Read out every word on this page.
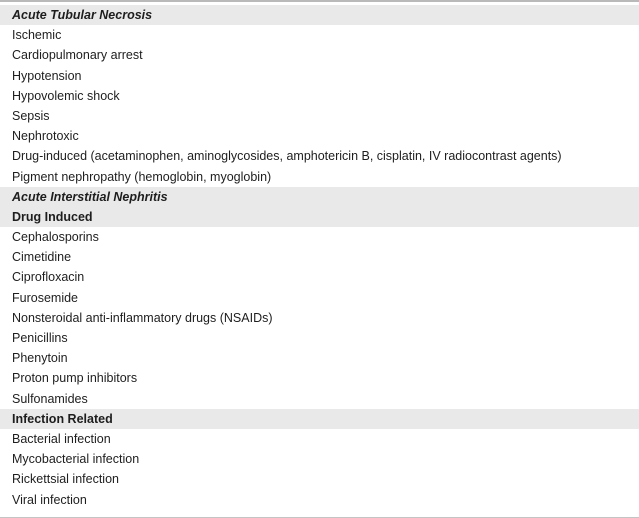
Acute Tubular Necrosis
Ischemic
Cardiopulmonary arrest
Hypotension
Hypovolemic shock
Sepsis
Nephrotoxic
Drug-induced (acetaminophen, aminoglycosides, amphotericin B, cisplatin, IV radiocontrast agents)
Pigment nephropathy (hemoglobin, myoglobin)
Acute Interstitial Nephritis
Drug Induced
Cephalosporins
Cimetidine
Ciprofloxacin
Furosemide
Nonsteroidal anti-inflammatory drugs (NSAIDs)
Penicillins
Phenytoin
Proton pump inhibitors
Sulfonamides
Infection Related
Bacterial infection
Mycobacterial infection
Rickettsial infection
Viral infection
